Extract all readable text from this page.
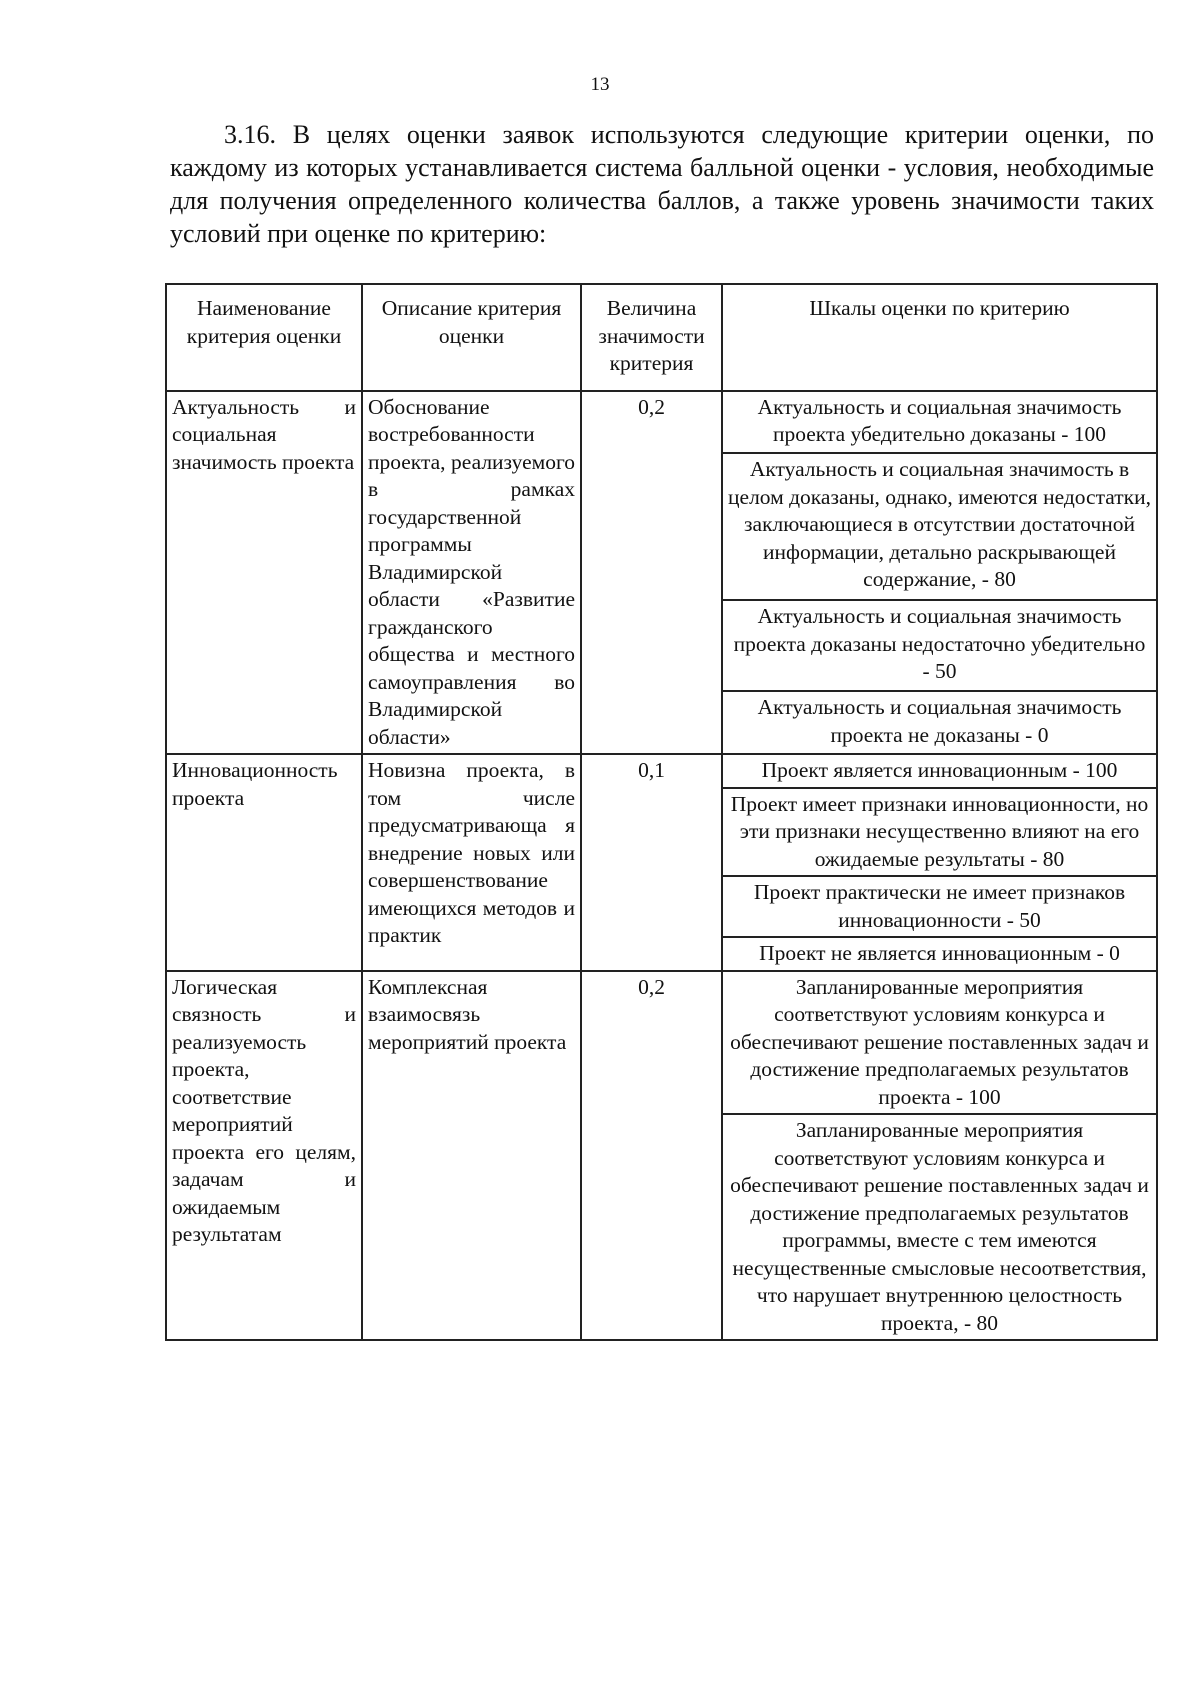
13

3.16. В целях оценки заявок используются следующие критерии оценки, по каждому из которых устанавливается система балльной оценки - условия, необходимые для получения определенного количества баллов, а также уровень значимости таких условий при оценке по критерию:

Наименование критерия оценки	Описание критерия оценки	Величина значимости критерия	Шкалы оценки по критерию
Актуальность и социальная значимость проекта	Обоснование востребованности проекта, реализуемого в рамках государственной программы Владимирской области «Развитие гражданского общества и местного самоуправления во Владимирской области»	0,2	Актуальность и социальная значимость проекта убедительно доказаны - 100
			Актуальность и социальная значимость в целом доказаны, однако, имеются недостатки, заключающиеся в отсутствии достаточной информации, детально раскрывающей содержание, - 80
			Актуальность и социальная значимость проекта доказаны недостаточно убедительно - 50
			Актуальность и социальная значимость проекта не доказаны - 0
Инновационность проекта	Новизна проекта, в том числе предусматривающа я внедрение новых или совершенствование имеющихся методов и практик	0,1	Проект является инновационным - 100
			Проект имеет признаки инновационности, но эти признаки несущественно влияют на его ожидаемые результаты - 80
			Проект практически не имеет признаков инновационности - 50
			Проект не является инновационным - 0
Логическая связность и реализуемость проекта, соответствие мероприятий проекта его целям, задачам и ожидаемым результатам	Комплексная взаимосвязь мероприятий проекта	0,2	Запланированные мероприятия соответствуют условиям конкурса и обеспечивают решение поставленных задач и достижение предполагаемых результатов проекта - 100
			Запланированные мероприятия соответствуют условиям конкурса и обеспечивают решение поставленных задач и достижение предполагаемых результатов программы, вместе с тем имеются несущественные смысловые несоответствия, что нарушает внутреннюю целостность проекта, - 80
